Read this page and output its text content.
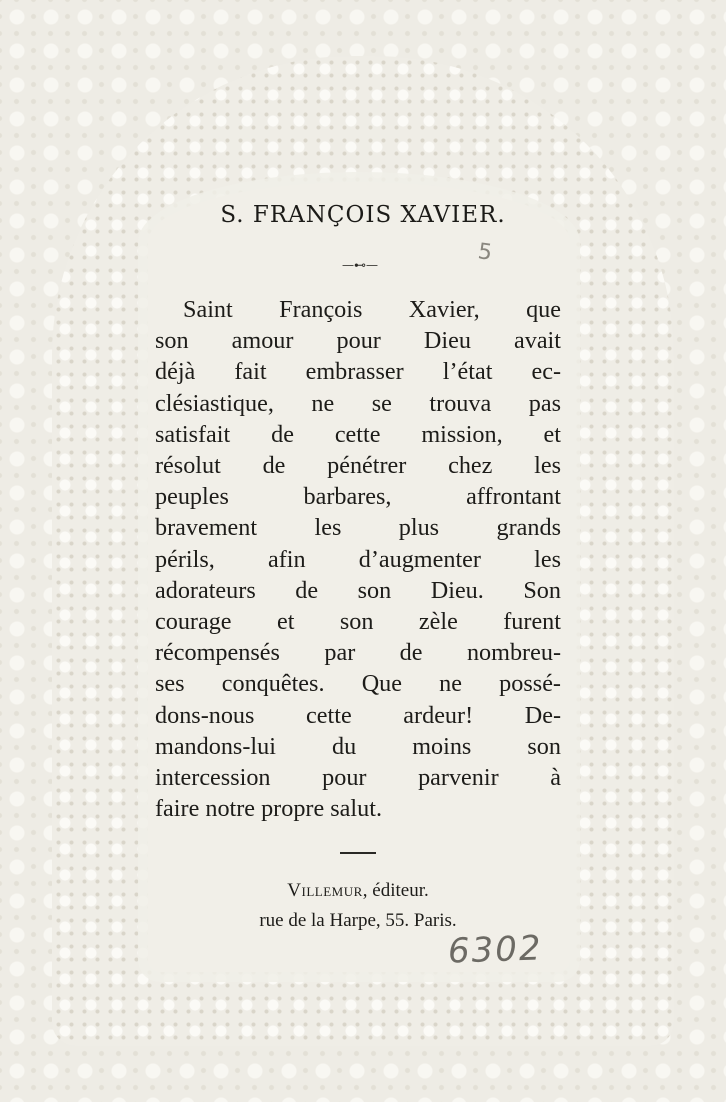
S. FRANÇOIS XAVIER.
—⊷—	5
Saint François Xavier, que
son amour pour Dieu avait
déjà fait embrasser l’état ec-
clésiastique, ne se trouva pas
satisfait de cette mission, et
résolut de pénétrer chez les
peuples barbares, affrontant
bravement les plus grands
périls, afin d’augmenter les
adorateurs de son Dieu. Son
courage et son zèle furent
récompensés par de nombreu-
ses conquêtes. Que ne possé-
dons-nous cette ardeur! De-
mandons-lui du moins son
intercession pour parvenir à
faire notre propre salut.
Villemur, éditeur.
rue de la Harpe, 55. Paris.
6302
